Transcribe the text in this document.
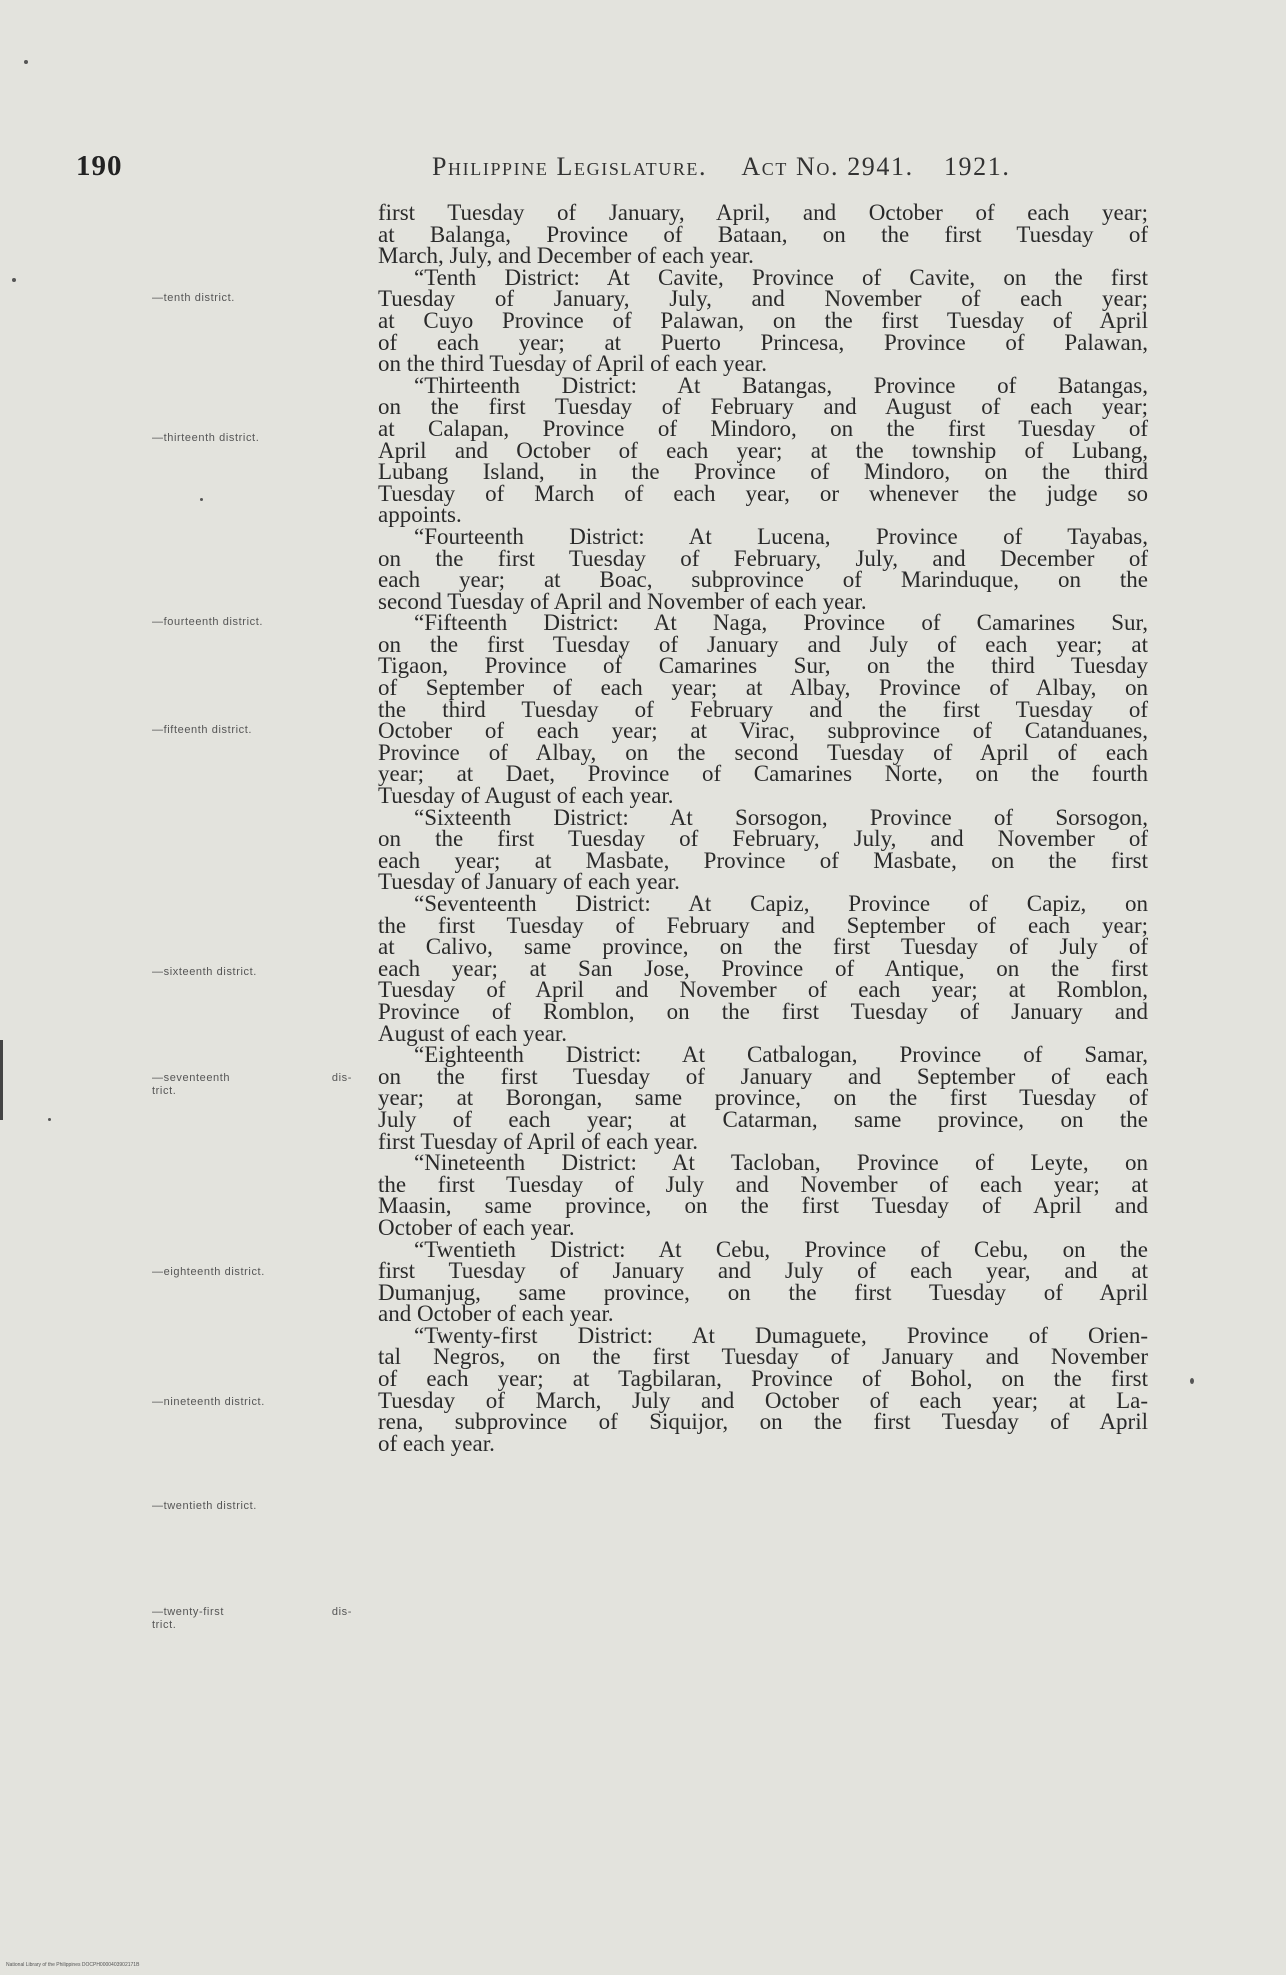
190	Philippine Legislature. Act No. 2941. 1921.
—tenth district.
—thirteenth district.
—fourteenth district.
—fifteenth district.
—sixteenth district.
—seventeenth dis-
trict.
—eighteenth district.
—nineteenth district.
—twentieth district.
—twenty-first dis-
trict.
first Tuesday of January, April, and October of each year;
at Balanga, Province of Bataan, on the first Tuesday of
March, July, and December of each year.
“Tenth District: At Cavite, Province of Cavite, on the first
Tuesday of January, July, and November of each year;
at Cuyo Province of Palawan, on the first Tuesday of April
of each year; at Puerto Princesa, Province of Palawan,
on the third Tuesday of April of each year.
“Thirteenth District: At Batangas, Province of Batangas,
on the first Tuesday of February and August of each year;
at Calapan, Province of Mindoro, on the first Tuesday of
April and October of each year; at the township of Lubang,
Lubang Island, in the Province of Mindoro, on the third
Tuesday of March of each year, or whenever the judge so
appoints.
“Fourteenth District: At Lucena, Province of Tayabas,
on the first Tuesday of February, July, and December of
each year; at Boac, subprovince of Marinduque, on the
second Tuesday of April and November of each year.
“Fifteenth District: At Naga, Province of Camarines Sur,
on the first Tuesday of January and July of each year; at
Tigaon, Province of Camarines Sur, on the third Tuesday
of September of each year; at Albay, Province of Albay, on
the third Tuesday of February and the first Tuesday of
October of each year; at Virac, subprovince of Catanduanes,
Province of Albay, on the second Tuesday of April of each
year; at Daet, Province of Camarines Norte, on the fourth
Tuesday of August of each year.
“Sixteenth District: At Sorsogon, Province of Sorsogon,
on the first Tuesday of February, July, and November of
each year; at Masbate, Province of Masbate, on the first
Tuesday of January of each year.
“Seventeenth District: At Capiz, Province of Capiz, on
the first Tuesday of February and September of each year;
at Calivo, same province, on the first Tuesday of July of
each year; at San Jose, Province of Antique, on the first
Tuesday of April and November of each year; at Romblon,
Province of Romblon, on the first Tuesday of January and
August of each year.
“Eighteenth District: At Catbalogan, Province of Samar,
on the first Tuesday of January and September of each
year; at Borongan, same province, on the first Tuesday of
July of each year; at Catarman, same province, on the
first Tuesday of April of each year.
“Nineteenth District: At Tacloban, Province of Leyte, on
the first Tuesday of July and November of each year; at
Maasin, same province, on the first Tuesday of April and
October of each year.
“Twentieth District: At Cebu, Province of Cebu, on the
first Tuesday of January and July of each year, and at
Dumanjug, same province, on the first Tuesday of April
and October of each year.
“Twenty-first District: At Dumaguete, Province of Orien-
tal Negros, on the first Tuesday of January and November
of each year; at Tagbilaran, Province of Bohol, on the first
Tuesday of March, July and October of each year; at La-
rena, subprovince of Siquijor, on the first Tuesday of April
of each year.
National Library of the Philippines DOCPH0000403902171B
